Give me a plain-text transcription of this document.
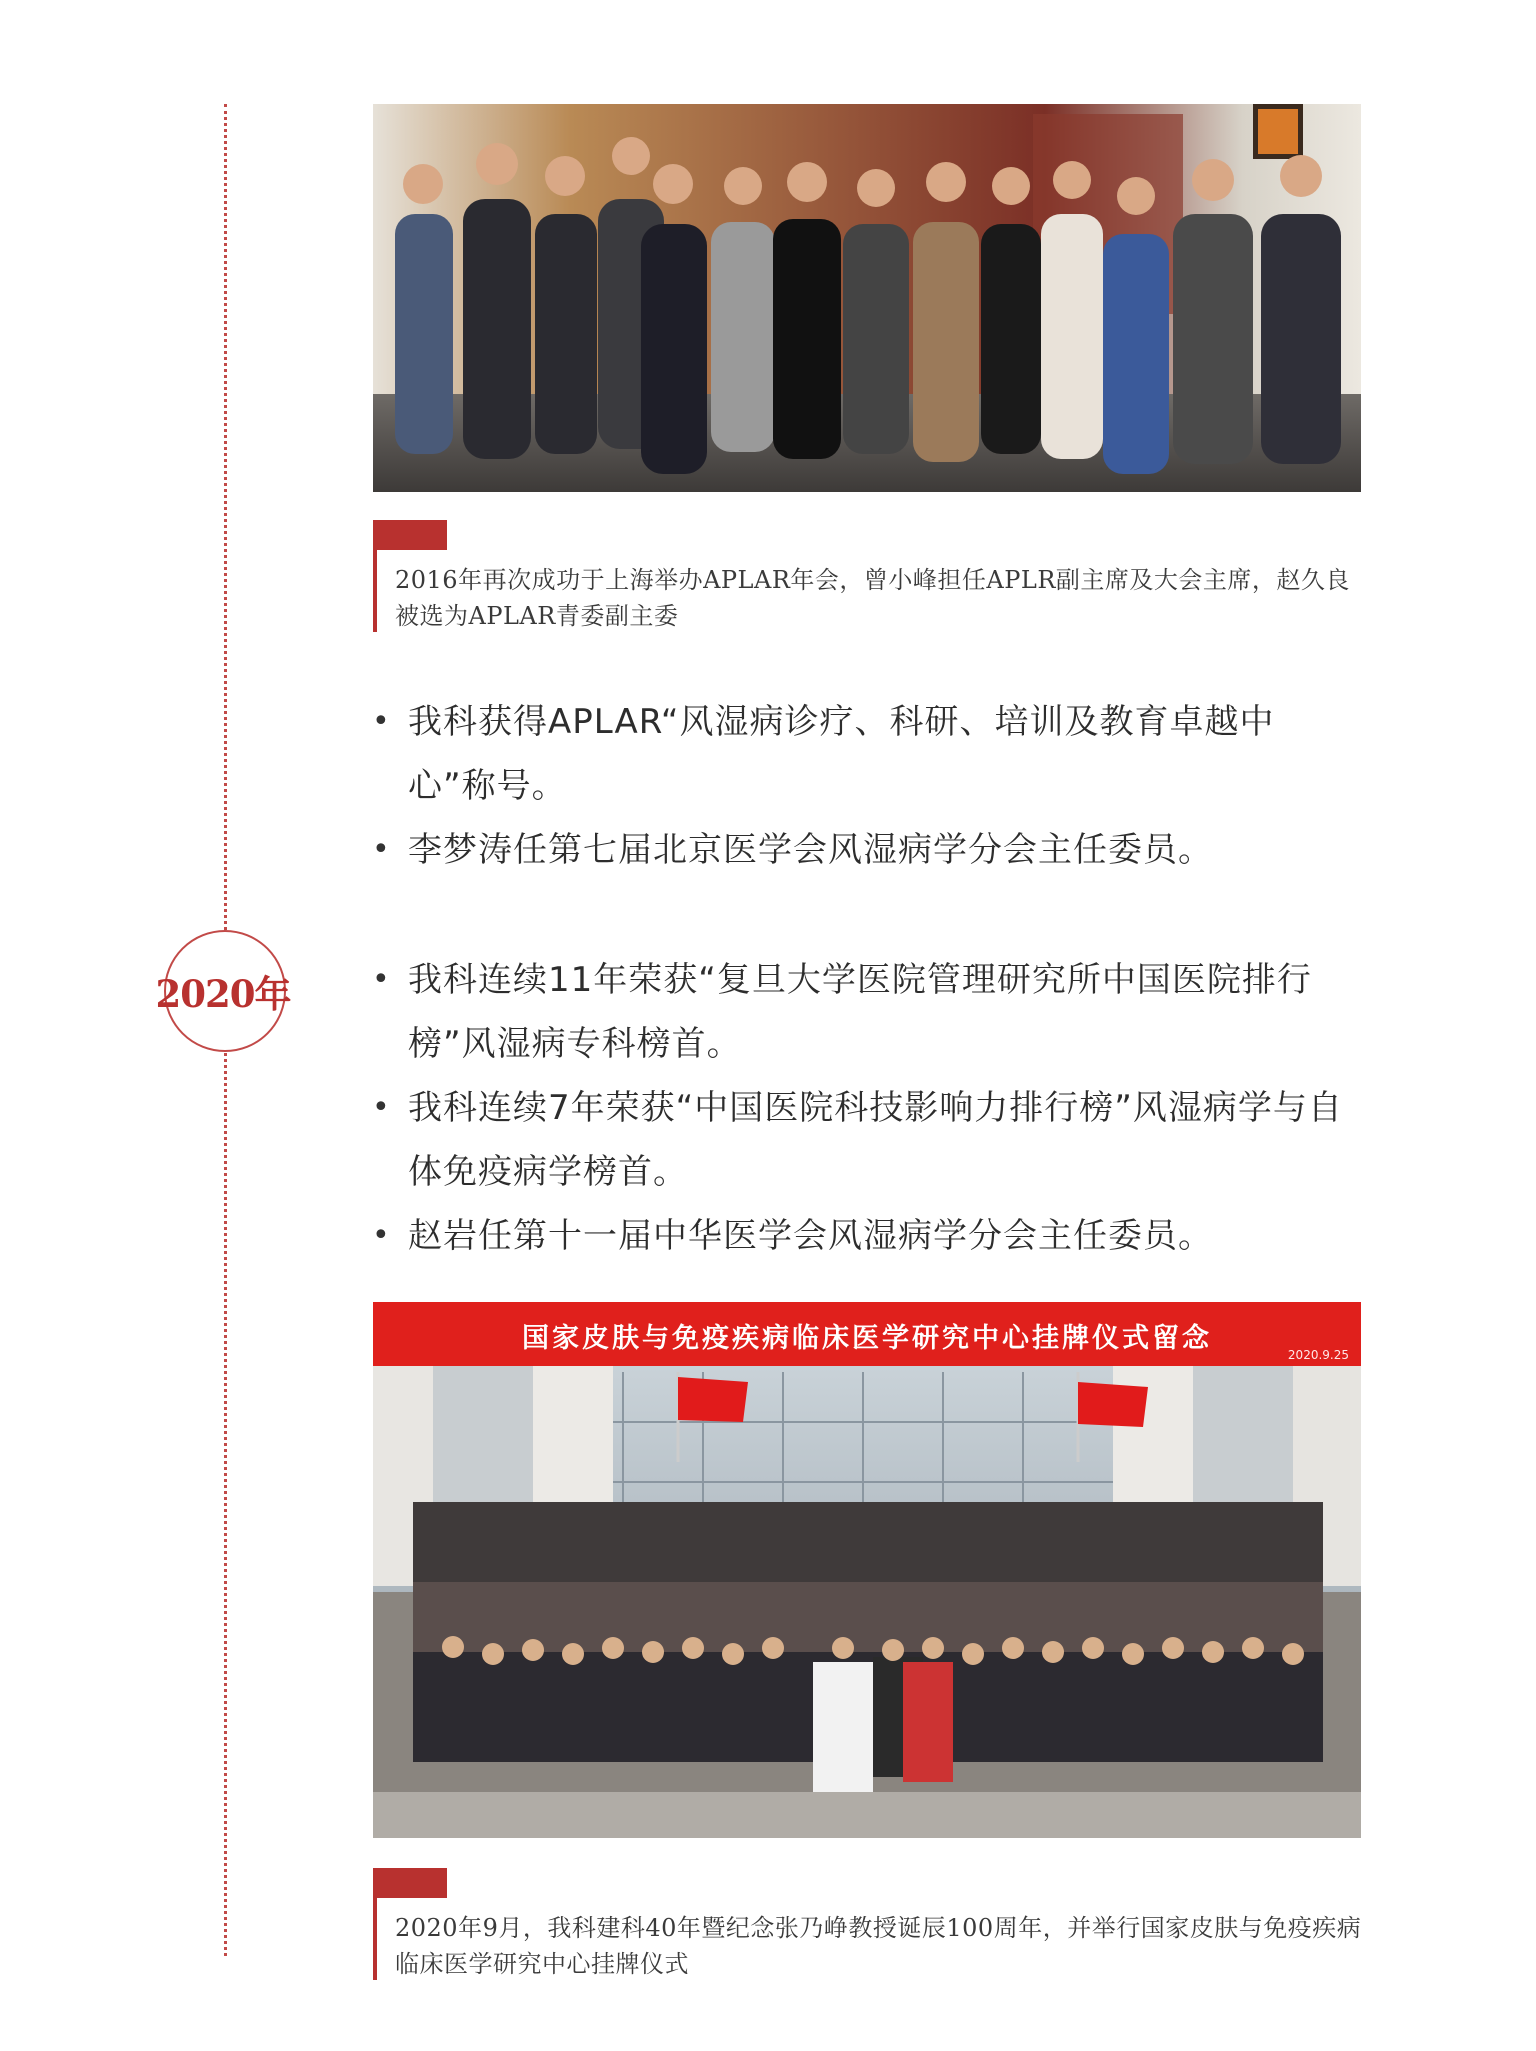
2016年再次成功于上海举办APLAR年会，曾小峰担任APLR副主席及大会主席，赵久良被选为APLAR青委副主委

• 我科获得APLAR“风湿病诊疗、科研、培训及教育卓越中心”称号。
• 李梦涛任第七届北京医学会风湿病学分会主任委员。
2020年
•	我科连续11年荣获“复旦大学医院管理研究所中国医院排行榜”风湿病专科榜首。
• 我科连续7年荣获“中国医院科技影响力排行榜”风湿病学与自体免疫病学榜首。
• 赵岩任第十一届中华医学会风湿病学分会主任委员。
国家皮肤与免疫疾病临床医学研究中心挂牌仪式留念
2020.9.25

2020年9月，我科建科40年暨纪念张乃峥教授诞辰100周年，并举行国家皮肤与免疫疾病临床医学研究中心挂牌仪式
